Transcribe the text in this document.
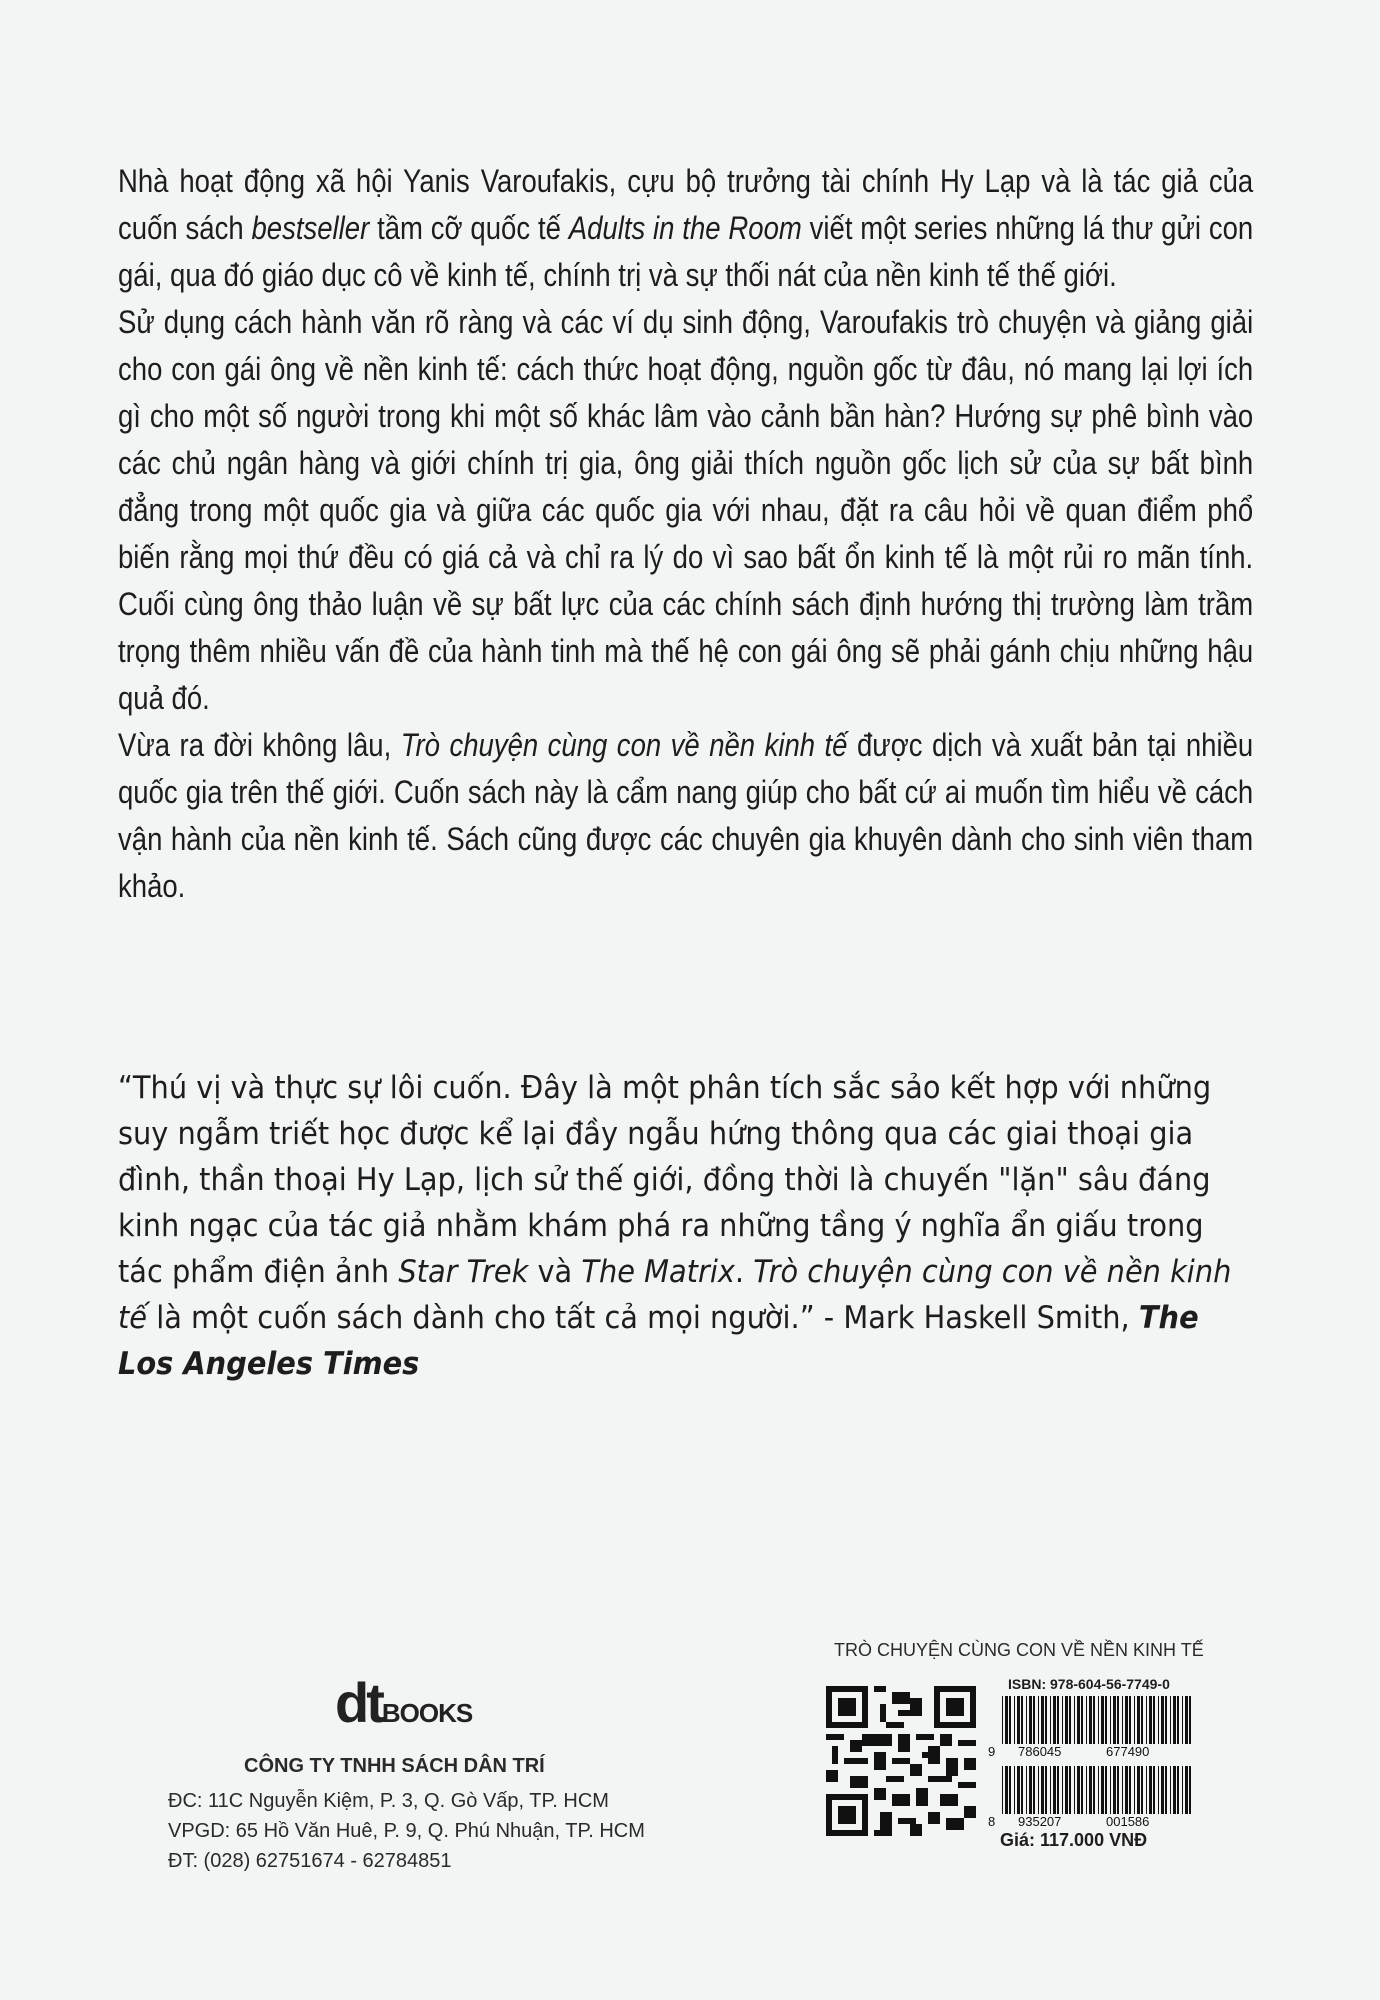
Nhà hoạt động xã hội Yanis Varoufakis, cựu bộ trưởng tài chính Hy Lạp và là tác giả của cuốn sách bestseller tầm cỡ quốc tế Adults in the Room viết một series những lá thư gửi con gái, qua đó giáo dục cô về kinh tế, chính trị và sự thối nát của nền kinh tế thế giới.

Sử dụng cách hành văn rõ ràng và các ví dụ sinh động, Varoufakis trò chuyện và giảng giải cho con gái ông về nền kinh tế: cách thức hoạt động, nguồn gốc từ đâu, nó mang lại lợi ích gì cho một số người trong khi một số khác lâm vào cảnh bần hàn? Hướng sự phê bình vào các chủ ngân hàng và giới chính trị gia, ông giải thích nguồn gốc lịch sử của sự bất bình đẳng trong một quốc gia và giữa các quốc gia với nhau, đặt ra câu hỏi về quan điểm phổ biến rằng mọi thứ đều có giá cả và chỉ ra lý do vì sao bất ổn kinh tế là một rủi ro mãn tính. Cuối cùng ông thảo luận về sự bất lực của các chính sách định hướng thị trường làm trầm trọng thêm nhiều vấn đề của hành tinh mà thế hệ con gái ông sẽ phải gánh chịu những hậu quả đó.

Vừa ra đời không lâu, Trò chuyện cùng con về nền kinh tế được dịch và xuất bản tại nhiều quốc gia trên thế giới. Cuốn sách này là cẩm nang giúp cho bất cứ ai muốn tìm hiểu về cách vận hành của nền kinh tế. Sách cũng được các chuyên gia khuyên dành cho sinh viên tham khảo.

“Thú vị và thực sự lôi cuốn. Đây là một phân tích sắc sảo kết hợp với những suy ngẫm triết học được kể lại đầy ngẫu hứng thông qua các giai thoại gia đình, thần thoại Hy Lạp, lịch sử thế giới, đồng thời là chuyến "lặn" sâu đáng kinh ngạc của tác giả nhằm khám phá ra những tầng ý nghĩa ẩn giấu trong tác phẩm điện ảnh Star Trek và The Matrix. Trò chuyện cùng con về nền kinh tế là một cuốn sách dành cho tất cả mọi người.” - Mark Haskell Smith, The Los Angeles Times

dtBOOKS
CÔNG TY TNHH SÁCH DÂN TRÍ
ĐC: 11C Nguyễn Kiệm, P. 3, Q. Gò Vấp, TP. HCM
VPGD: 65 Hồ Văn Huê, P. 9, Q. Phú Nhuận, TP. HCM
ĐT: (028) 62751674 - 62784851
TRÒ CHUYỆN CÙNG CON VỀ NỀN KINH TẾ
ISBN: 978-604-56-7749-0
9 786045	677490
8 935207	001586
Giá: 117.000 VNĐ
